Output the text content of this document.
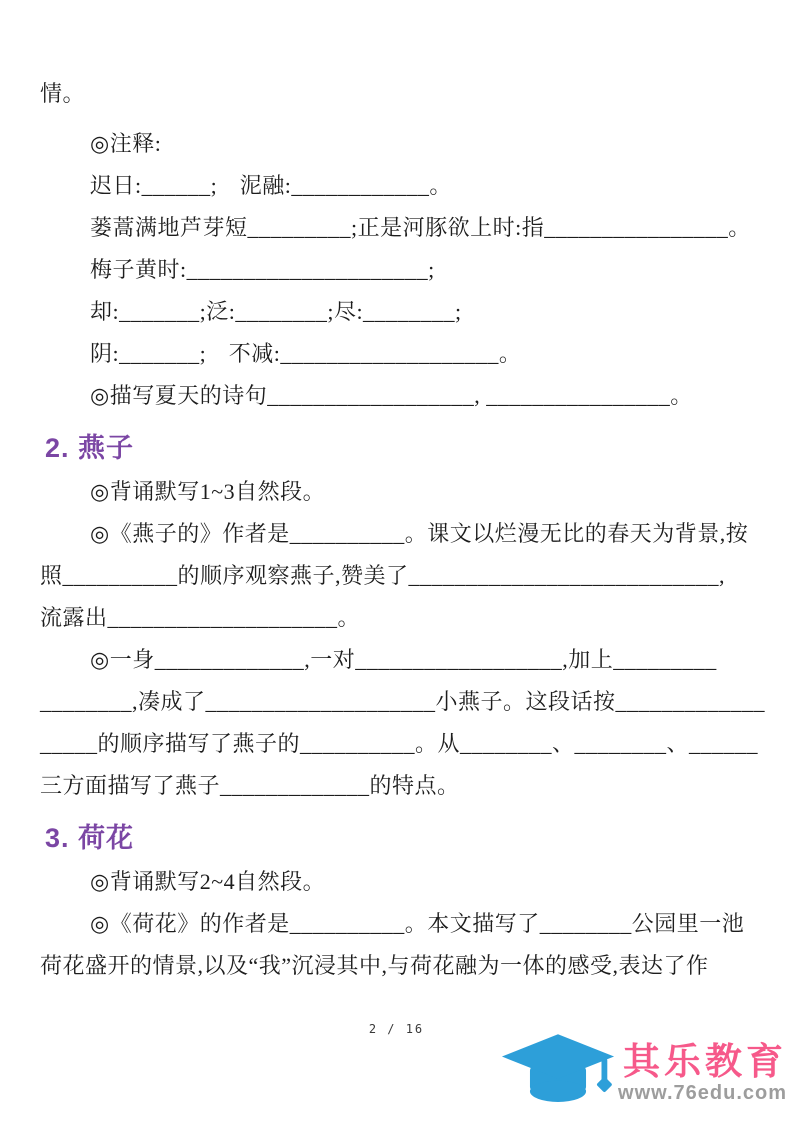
情。
◎注释:
迟日:______;　泥融:____________。
蒌蒿满地芦芽短_________;正是河豚欲上时:指________________。
梅子黄时:_____________________;
却:_______;泛:________;尽:________;
阴:_______;　不减:___________________。
◎描写夏天的诗句__________________, ________________。
2. 燕子
◎背诵默写1~3自然段。
◎《燕子的》作者是__________。课文以烂漫无比的春天为背景,按
照__________的顺序观察燕子,赞美了___________________________,
流露出____________________。
◎一身_____________,一对__________________,加上_________
________,凑成了____________________小燕子。这段话按_____________
_____的顺序描写了燕子的__________。从________、________、______
三方面描写了燕子_____________的特点。
3. 荷花
◎背诵默写2~4自然段。
◎《荷花》的作者是__________。本文描写了________公园里一池
荷花盛开的情景,以及“我”沉浸其中,与荷花融为一体的感受,表达了作
2 / 16
其乐教育
www.76edu.com
